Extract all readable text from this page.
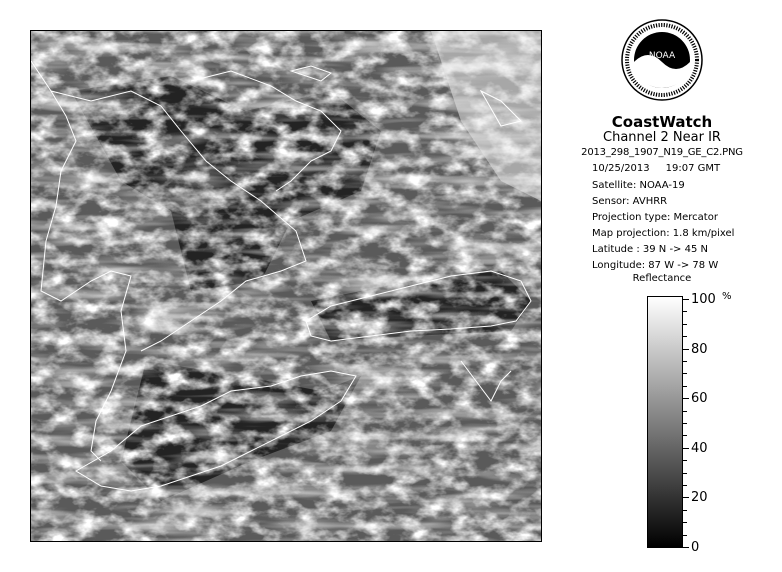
NOAA
CoastWatch
Channel 2 Near IR
2013_298_1907_N19_GE_C2.PNG
10/25/2013 19:07 GMT
Satellite: NOAA-19
Sensor: AVHRR
Projection type: Mercator
Map projection: 1.8 km/pixel
Latitude : 39 N -> 45 N
Longitude: 87 W -> 78 W
Reflectance
%
100
80
60
40
20
0
